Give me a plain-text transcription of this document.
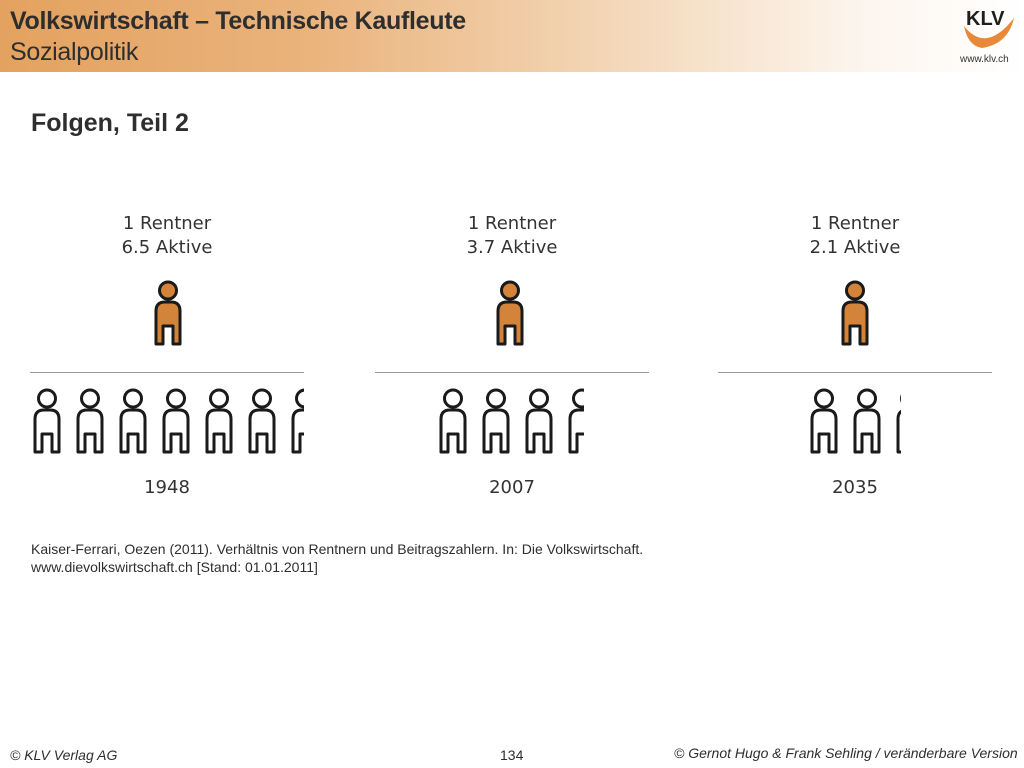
Volkswirtschaft – Technische Kaufleute
Sozialpolitik
KLV
www.klv.ch
Folgen, Teil 2
1 Rentner
6.5 Aktive
1948
1 Rentner
3.7 Aktive
2007
1 Rentner
2.1 Aktive
2035
Kaiser-Ferrari, Oezen (2011). Verhältnis von Rentnern und Beitragszahlern. In: Die Volkswirtschaft.
www.dievolkswirtschaft.ch [Stand: 01.01.2011]
© KLV Verlag AG	134	© Gernot Hugo & Frank Sehling / veränderbare Version
